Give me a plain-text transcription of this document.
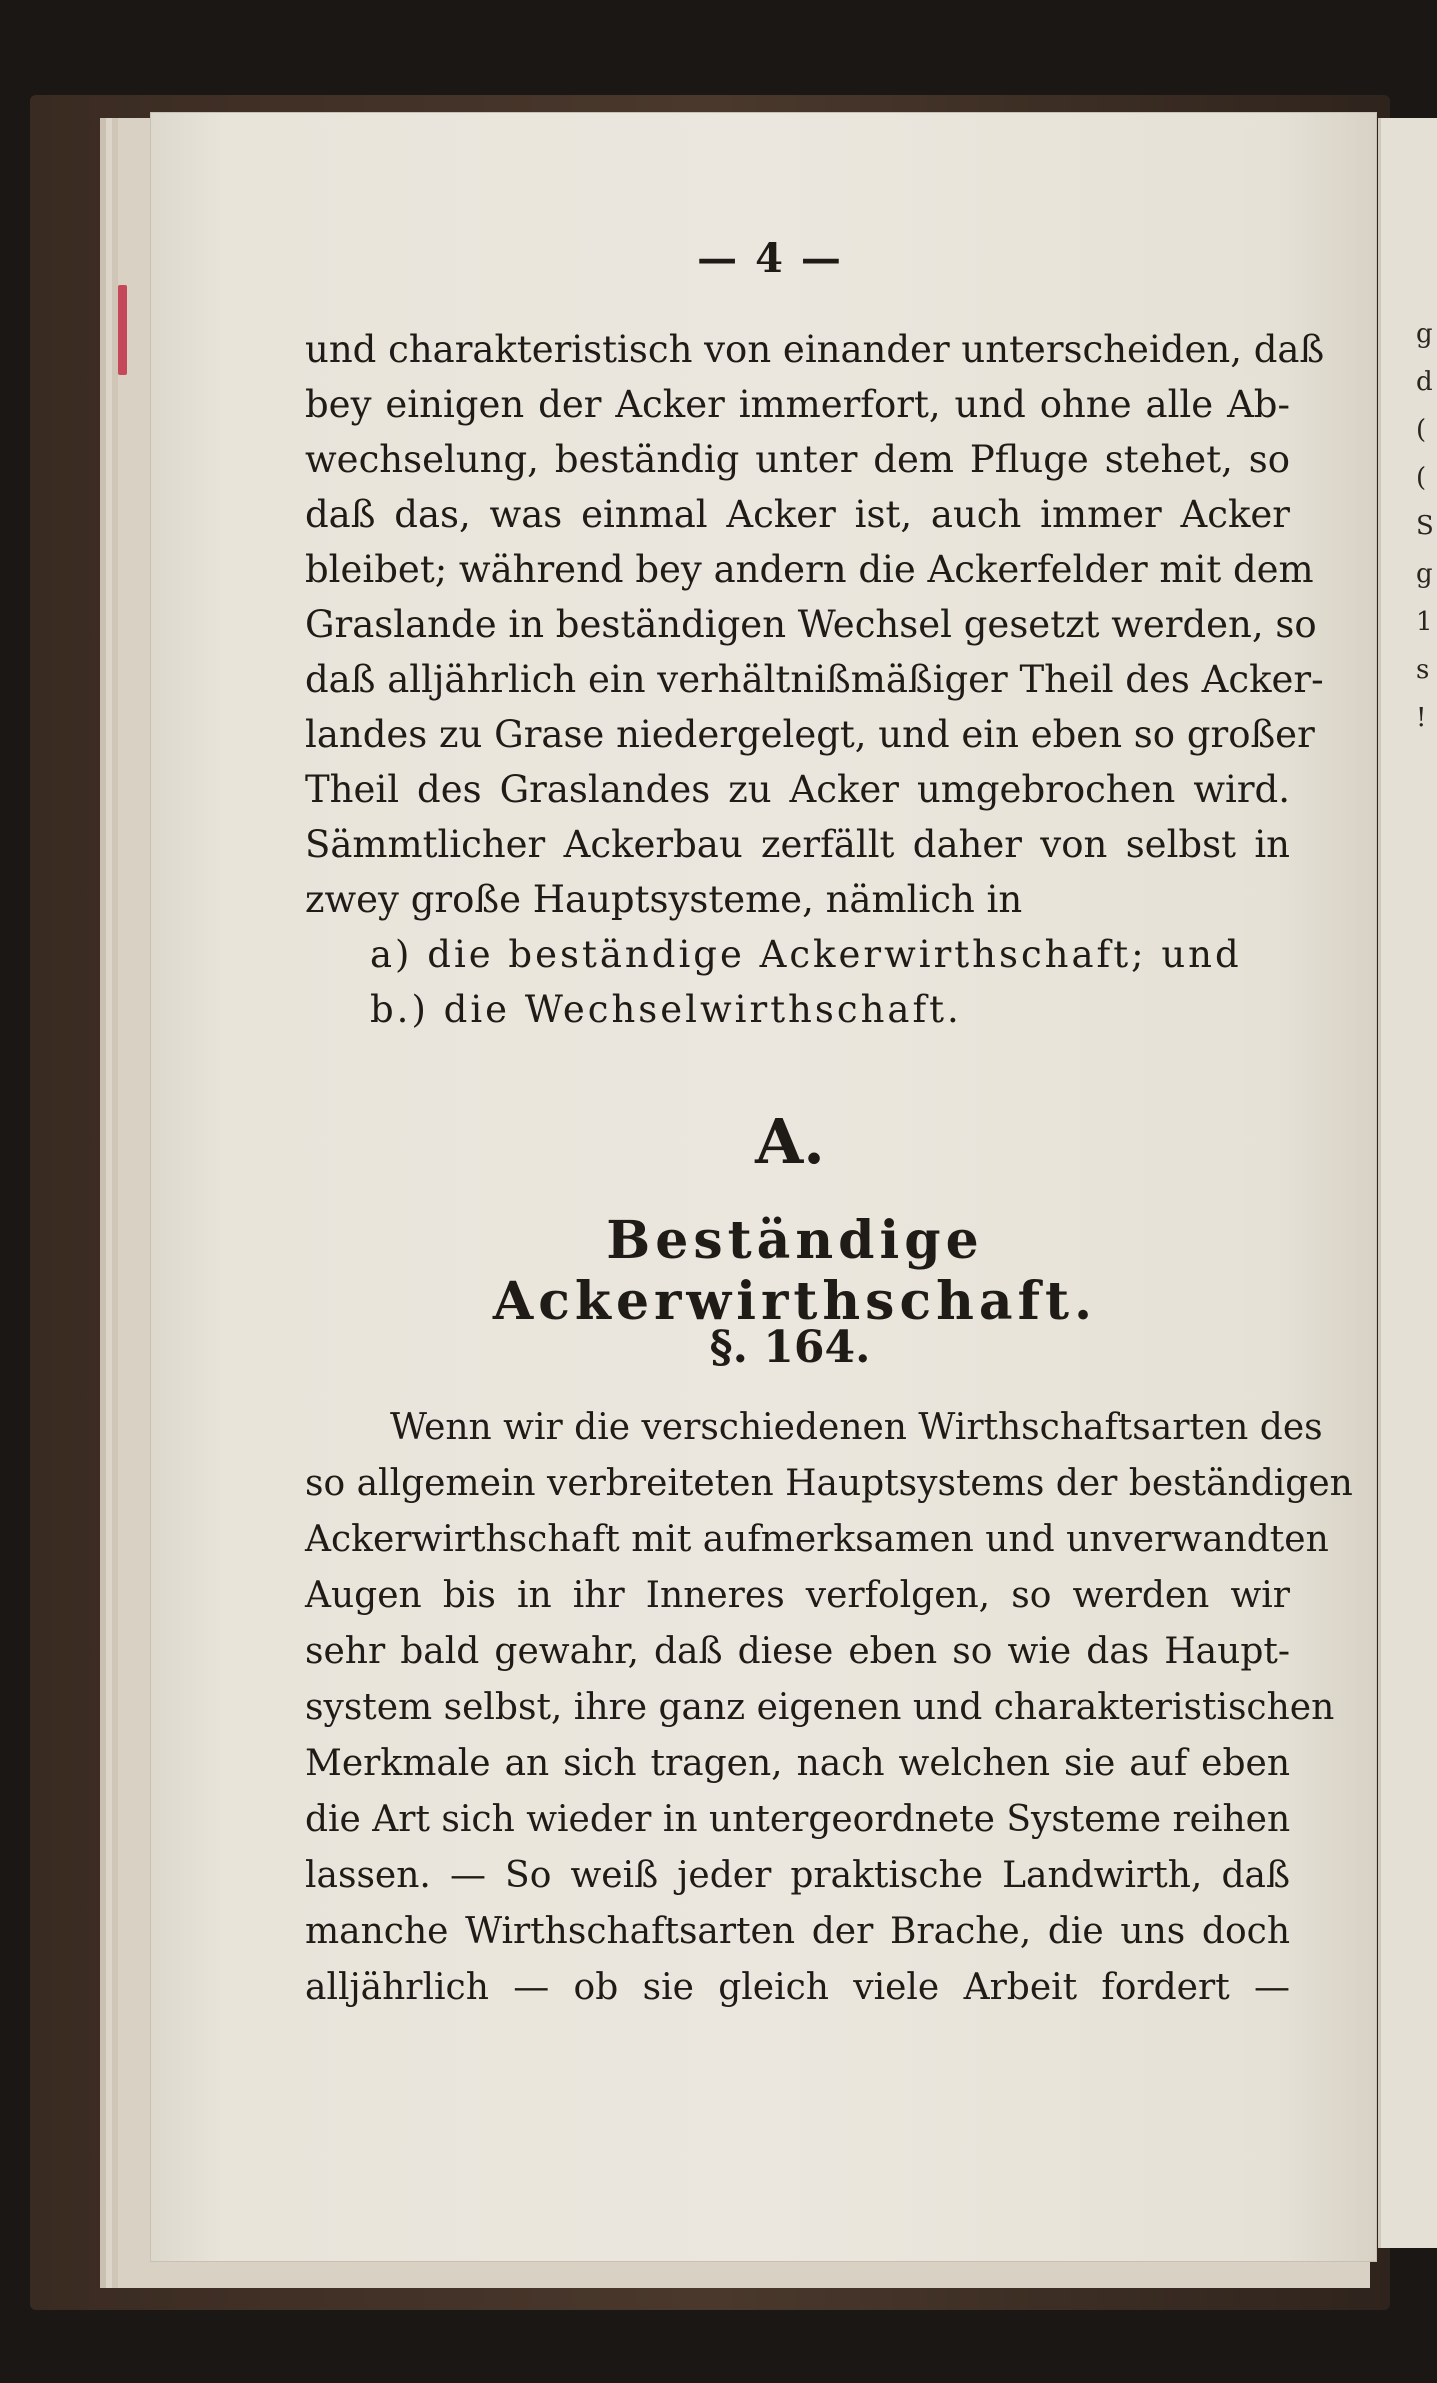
g
d
(
(
S
g
1
s
!
— 4 —
und charakteristisch von einander unterscheiden, daß
bey einigen der Acker immerfort, und ohne alle Ab-
wechselung, beständig unter dem Pfluge stehet, so
daß das, was einmal Acker ist, auch immer Acker
bleibet; während bey andern die Ackerfelder mit dem
Graslande in beständigen Wechsel gesetzt werden, so
daß alljährlich ein verhältnißmäßiger Theil des Acker-
landes zu Grase niedergelegt, und ein eben so großer
Theil des Graslandes zu Acker umgebrochen wird.
Sämmtlicher Ackerbau zerfällt daher von selbst in
zwey große Hauptsysteme, nämlich in
a) die beständige Ackerwirthschaft; und
b.) die Wechselwirthschaft.
A.
Beständige Ackerwirthschaft.
§. 164.
Wenn wir die verschiedenen Wirthschaftsarten des
so allgemein verbreiteten Hauptsystems der beständigen
Ackerwirthschaft mit aufmerksamen und unverwandten
Augen bis in ihr Inneres verfolgen, so werden wir
sehr bald gewahr, daß diese eben so wie das Haupt-
system selbst, ihre ganz eigenen und charakteristischen
Merkmale an sich tragen, nach welchen sie auf eben
die Art sich wieder in untergeordnete Systeme reihen
lassen. — So weiß jeder praktische Landwirth, daß
manche Wirthschaftsarten der Brache, die uns doch
alljährlich — ob sie gleich viele Arbeit fordert —
